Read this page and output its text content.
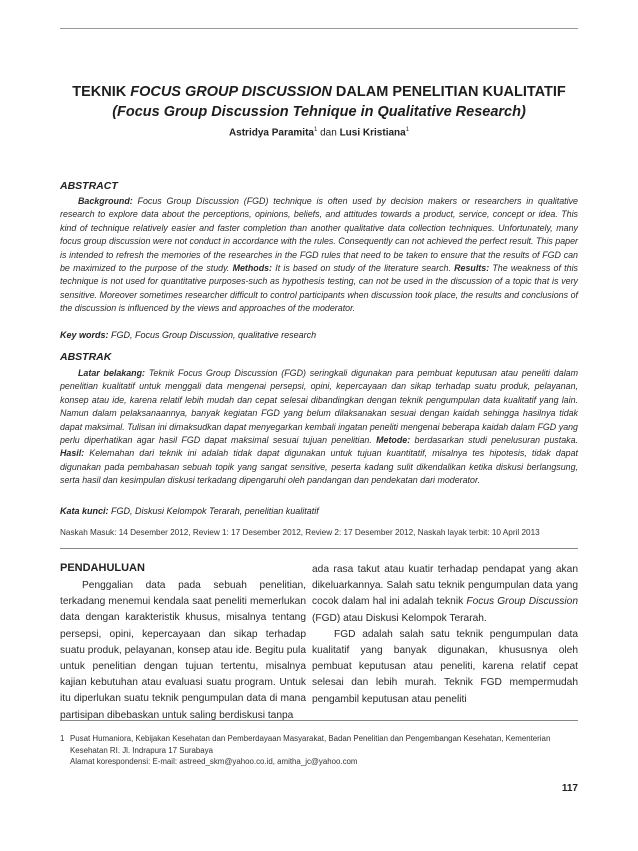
TEKNIK FOCUS GROUP DISCUSSION DALAM PENELITIAN KUALITATIF
(Focus Group Discussion Tehnique in Qualitative Research)
Astridya Paramita$^1$ dan Lusi Kristiana$^1$
ABSTRACT
Background: Focus Group Discussion (FGD) technique is often used by decision makers or researchers in qualitative research to explore data about the perceptions, opinions, beliefs, and attitudes towards a product, service, concept or idea. This kind of technique relatively easier and faster completion than another qualitative data collection techniques. Unfortunately, many focus group discussion were not conduct in accordance with the rules. Consequently can not achieved the perfect result. This paper is intended to refresh the memories of the researches in the FGD rules that need to be taken to ensure that the results of FGD can be maximized to the purpose of the study. Methods: It is based on study of the literature search. Results: The weakness of this technique is not used for quantitative purposes-such as hypothesis testing, can not be used in the discussion of a topic that is very sensitive. Moreover sometimes researcher difficult to control participants when discussion took place, the results and conclusions of the discussion is influenced by the views and approaches of the moderator.
Key words: FGD, Focus Group Discussion, qualitative research
ABSTRAK
Latar belakang: Teknik Focus Group Discussion (FGD) seringkali digunakan para pembuat keputusan atau peneliti dalam penelitian kualitatif untuk menggali data mengenai persepsi, opini, kepercayaan dan sikap terhadap suatu produk, pelayanan, konsep atau ide, karena relatif lebih mudah dan cepat selesai dibandingkan dengan teknik pengumpulan data kualitatif yang lain. Namun dalam pelaksanaannya, banyak kegiatan FGD yang belum dilaksanakan sesuai dengan kaidah sehingga hasilnya tidak dapat maksimal. Tulisan ini dimaksudkan dapat menyegarkan kembali ingatan peneliti mengenai beberapa kaidah dalam FGD yang perlu diperhatikan agar hasil FGD dapat maksimal sesuai tujuan penelitian. Metode: berdasarkan studi penelusuran pustaka. Hasil: Kelemahan dari teknik ini adalah tidak dapat digunakan untuk tujuan kuantitatif, misalnya tes hipotesis, tidak dapat digunakan pada pembahasan sebuah topik yang sangat sensitive, peserta kadang sulit dikendalikan ketika diskusi berlangsung, serta hasil dan kesimpulan diskusi terkadang dipengaruhi oleh pandangan dan pendekatan dari moderator.
Kata kunci: FGD, Diskusi Kelompok Terarah, penelitian kualitatif
Naskah Masuk: 14 Desember 2012, Review 1: 17 Desember 2012, Review 2: 17 Desember 2012, Naskah layak terbit: 10 April 2013
PENDAHULUAN
Penggalian data pada sebuah penelitian, terkadang menemui kendala saat peneliti memerlukan data dengan karakteristik khusus, misalnya tentang persepsi, opini, kepercayaan dan sikap terhadap suatu produk, pelayanan, konsep atau ide. Begitu pula untuk penelitian dengan tujuan tertentu, misalnya kajian kebutuhan atau evaluasi suatu program. Untuk itu diperlukan suatu teknik pengumpulan data di mana partisipan dibebaskan untuk saling berdiskusi tanpa
ada rasa takut atau kuatir terhadap pendapat yang akan dikeluarkannya. Salah satu teknik pengumpulan data yang cocok dalam hal ini adalah teknik Focus Group Discussion (FGD) atau Diskusi Kelompok Terarah.
FGD adalah salah satu teknik pengumpulan data kualitatif yang banyak digunakan, khususnya oleh pembuat keputusan atau peneliti, karena relatif cepat selesai dan lebih murah. Teknik FGD mempermudah pengambil keputusan atau peneliti
1 Pusat Humaniora, Kebijakan Kesehatan dan Pemberdayaan Masyarakat, Badan Penelitian dan Pengembangan Kesehatan, Kementerian
Kesehatan RI. Jl. Indrapura 17 Surabaya
Alamat korespondensi: E-mail: astreed_skm@yahoo.co.id, amitha_jc@yahoo.com
117
